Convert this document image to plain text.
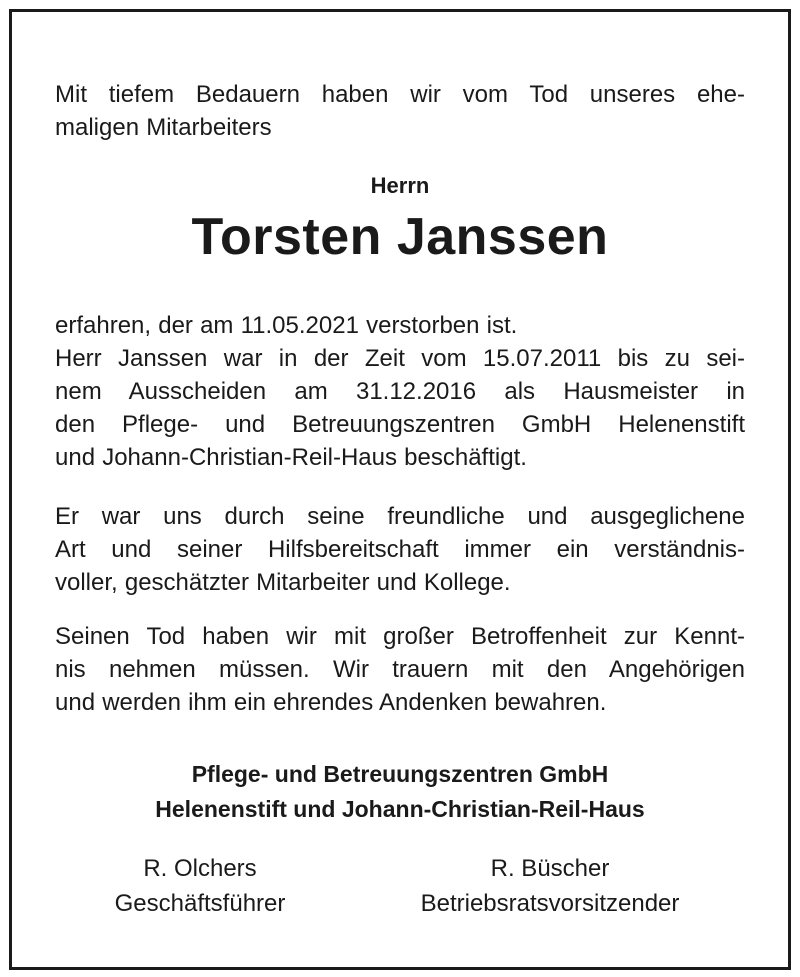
Mit tiefem Bedauern haben wir vom Tod unseres ehe-
maligen Mitarbeiters

Herrn
Torsten Janssen

erfahren, der am 11.05.2021 verstorben ist.
Herr Janssen war in der Zeit vom 15.07.2011 bis zu sei-
nem Ausscheiden am 31.12.2016 als Hausmeister in
den Pflege- und Betreuungszentren GmbH Helenenstift
und Johann-Christian-Reil-Haus beschäftigt.

Er war uns durch seine freundliche und ausgeglichene
Art und seiner Hilfsbereitschaft immer ein verständnis-
voller, geschätzter Mitarbeiter und Kollege.

Seinen Tod haben wir mit großer Betroffenheit zur Kennt-
nis nehmen müssen. Wir trauern mit den Angehörigen
und werden ihm ein ehrendes Andenken bewahren.

Pflege- und Betreuungszentren GmbH
Helenenstift und Johann-Christian-Reil-Haus
R. Olchers
Geschäftsführer
R. Büscher
Betriebsratsvorsitzender
